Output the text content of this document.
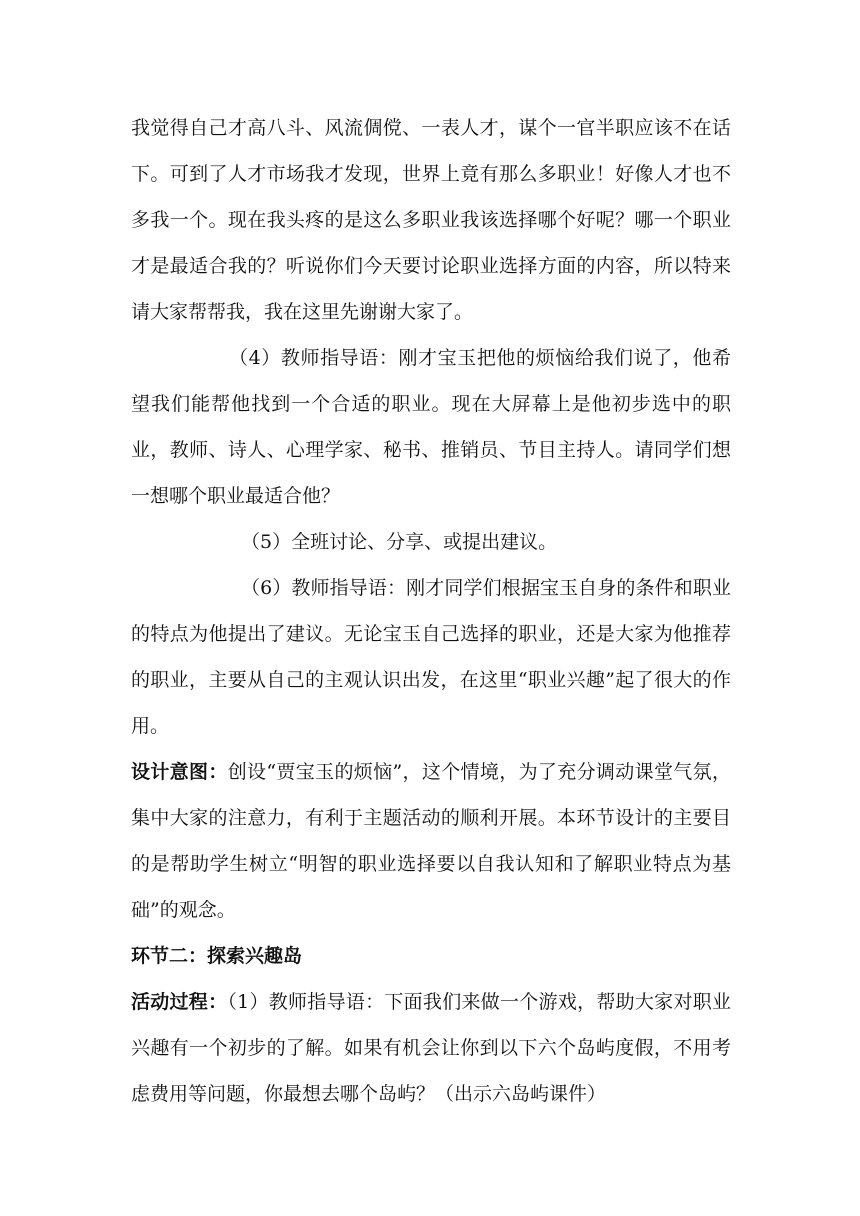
我觉得自己才高八斗、风流倜傥、一表人才，谋个一官半职应该不在话下。可到了人才市场我才发现，世界上竟有那么多职业！好像人才也不多我一个。现在我头疼的是这么多职业我该选择哪个好呢？哪一个职业才是最适合我的？听说你们今天要讨论职业选择方面的内容，所以特来请大家帮帮我，我在这里先谢谢大家了。

（4）教师指导语：刚才宝玉把他的烦恼给我们说了，他希望我们能帮他找到一个合适的职业。现在大屏幕上是他初步选中的职业，教师、诗人、心理学家、秘书、推销员、节目主持人。请同学们想一想哪个职业最适合他？

（5）全班讨论、分享、或提出建议。

（6）教师指导语：刚才同学们根据宝玉自身的条件和职业的特点为他提出了建议。无论宝玉自己选择的职业，还是大家为他推荐的职业，主要从自己的主观认识出发，在这里“职业兴趣”起了很大的作用。

设计意图：创设“贾宝玉的烦恼”，这个情境，为了充分调动课堂气氛，集中大家的注意力，有利于主题活动的顺利开展。本环节设计的主要目的是帮助学生树立“明智的职业选择要以自我认知和了解职业特点为基础”的观念。

环节二：探索兴趣岛

活动过程：（1）教师指导语：下面我们来做一个游戏，帮助大家对职业兴趣有一个初步的了解。如果有机会让你到以下六个岛屿度假，不用考虑费用等问题，你最想去哪个岛屿？（出示六岛屿课件）
